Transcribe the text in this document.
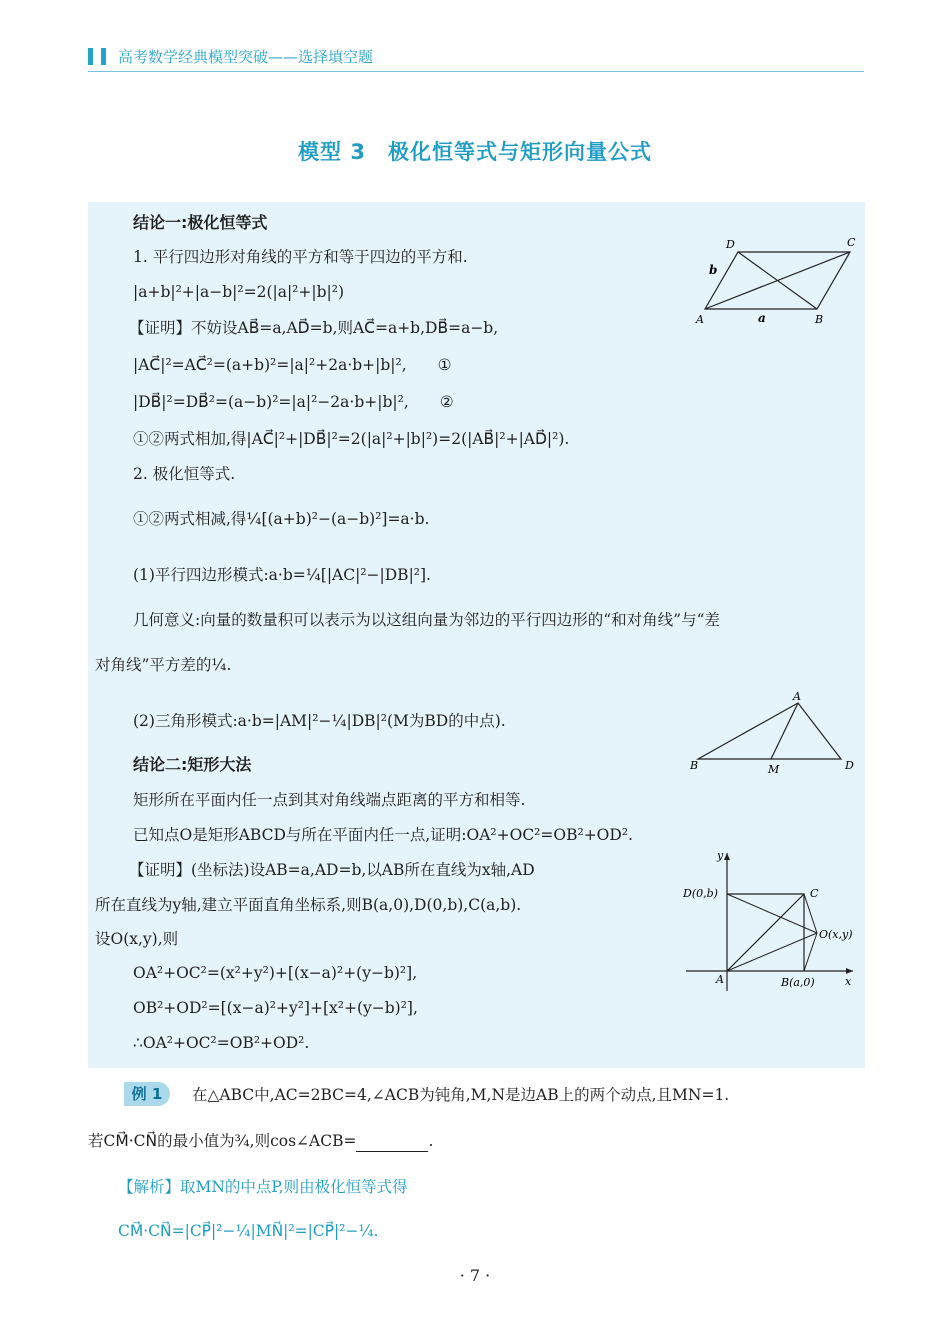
高考数学经典模型突破——选择填空题
模型 3　极化恒等式与矩形向量公式
结论一:极化恒等式
1. 平行四边形对角线的平方和等于四边的平方和.
|a+b|²+|a−b|²=2(|a|²+|b|²)
【证明】不妨设AB⃗=a,AD⃗=b,则AC⃗=a+b,DB⃗=a−b,
|AC⃗|²=AC⃗²=(a+b)²=|a|²+2a·b+|b|²,　　①
|DB⃗|²=DB⃗²=(a−b)²=|a|²−2a·b+|b|²,　　②
①②两式相加,得|AC⃗|²+|DB⃗|²=2(|a|²+|b|²)=2(|AB⃗|²+|AD⃗|²).
2. 极化恒等式.
①②两式相减,得¼[(a+b)²−(a−b)²]=a·b.
(1)平行四边形模式:a·b=¼[|AC|²−|DB|²].
几何意义:向量的数量积可以表示为以这组向量为邻边的平行四边形的“和对角线”与“差
对角线”平方差的¼.
(2)三角形模式:a·b=|AM|²−¼|DB|²(M为BD的中点).
D	C
A	B
a
b
A
B	M	D
结论二:矩形大法
矩形所在平面内任一点到其对角线端点距离的平方和相等.
已知点O是矩形ABCD与所在平面内任一点,证明:OA²+OC²=OB²+OD².
【证明】(坐标法)设AB=a,AD=b,以AB所在直线为x轴,AD
所在直线为y轴,建立平面直角坐标系,则B(a,0),D(0,b),C(a,b).
设O(x,y),则
OA²+OC²=(x²+y²)+[(x−a)²+(y−b)²],
OB²+OD²=[(x−a)²+y²]+[x²+(y−b)²],
∴OA²+OC²=OB²+OD².
y
x
D(0,b)	C
O(x,y)
A	B(a,0)
例 1	在△ABC中,AC=2BC=4,∠ACB为钝角,M,N是边AB上的两个动点,且MN=1.
若CM⃗·CN⃗的最小值为¾,则cos∠ACB=	.
【解析】取MN的中点P,则由极化恒等式得
CM⃗·CN⃗=|CP⃗|²−¼|MN⃗|²=|CP⃗|²−¼.
· 7 ·
